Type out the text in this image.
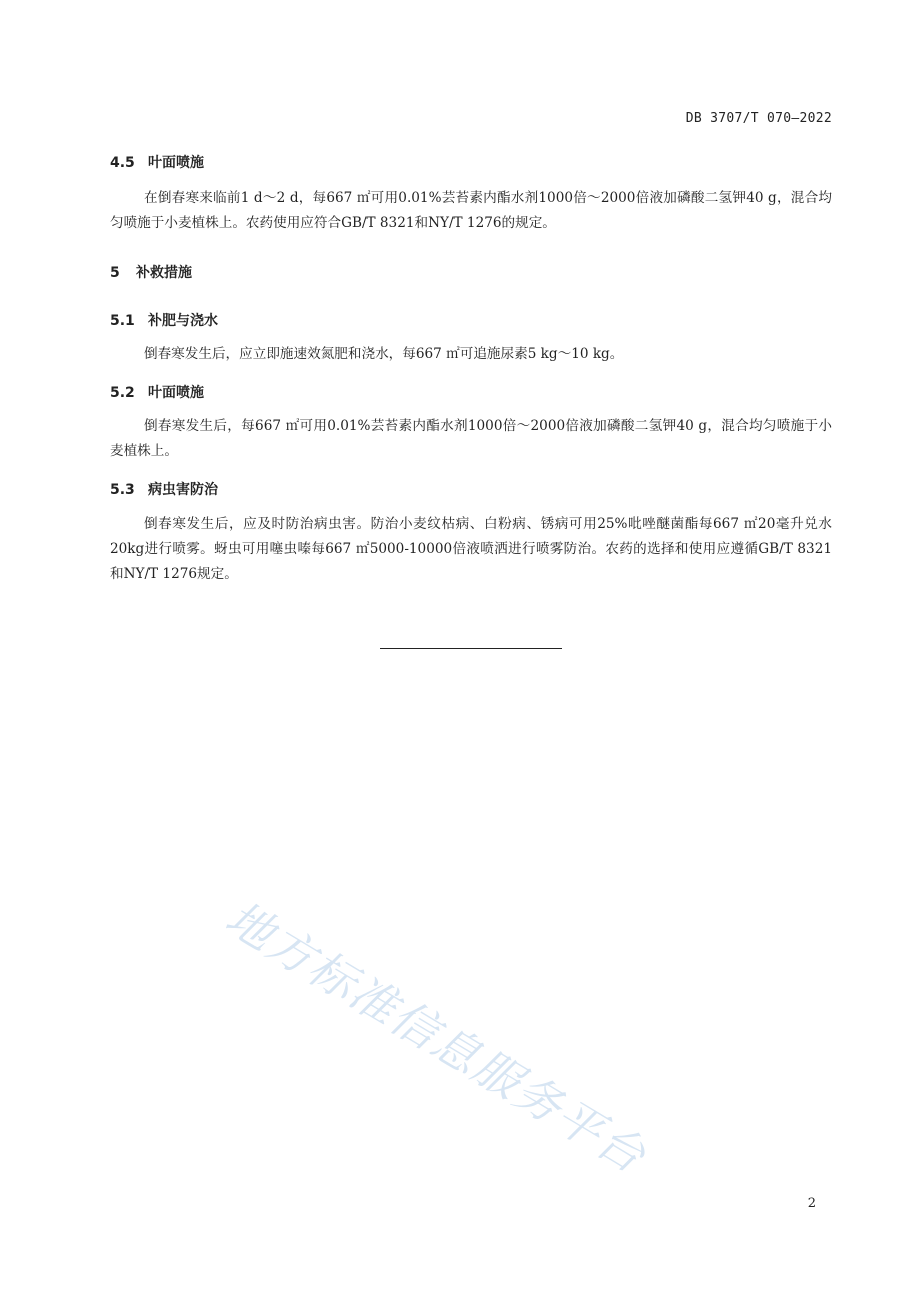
DB 3707/T 070—2022
4.5 叶面喷施

在倒春寒来临前1 d～2 d，每667 ㎡可用0.01%芸苔素内酯水剂1000倍～2000倍液加磷酸二氢钾40 g，混合均匀喷施于小麦植株上。农药使用应符合GB/T 8321和NY/T 1276的规定。

5 补救措施
5.1 补肥与浇水

倒春寒发生后，应立即施速效氮肥和浇水，每667 ㎡可追施尿素5 kg～10 kg。

5.2 叶面喷施

倒春寒发生后，每667 ㎡可用0.01%芸苔素内酯水剂1000倍～2000倍液加磷酸二氢钾40 g，混合均匀喷施于小麦植株上。

5.3 病虫害防治

倒春寒发生后，应及时防治病虫害。防治小麦纹枯病、白粉病、锈病可用25%吡唑醚菌酯每667 ㎡20毫升兑水20kg进行喷雾。蚜虫可用噻虫嗪每667 ㎡5000-10000倍液喷洒进行喷雾防治。农药的选择和使用应遵循GB/T 8321和NY/T 1276规定。

地方标准信息服务平台
2
